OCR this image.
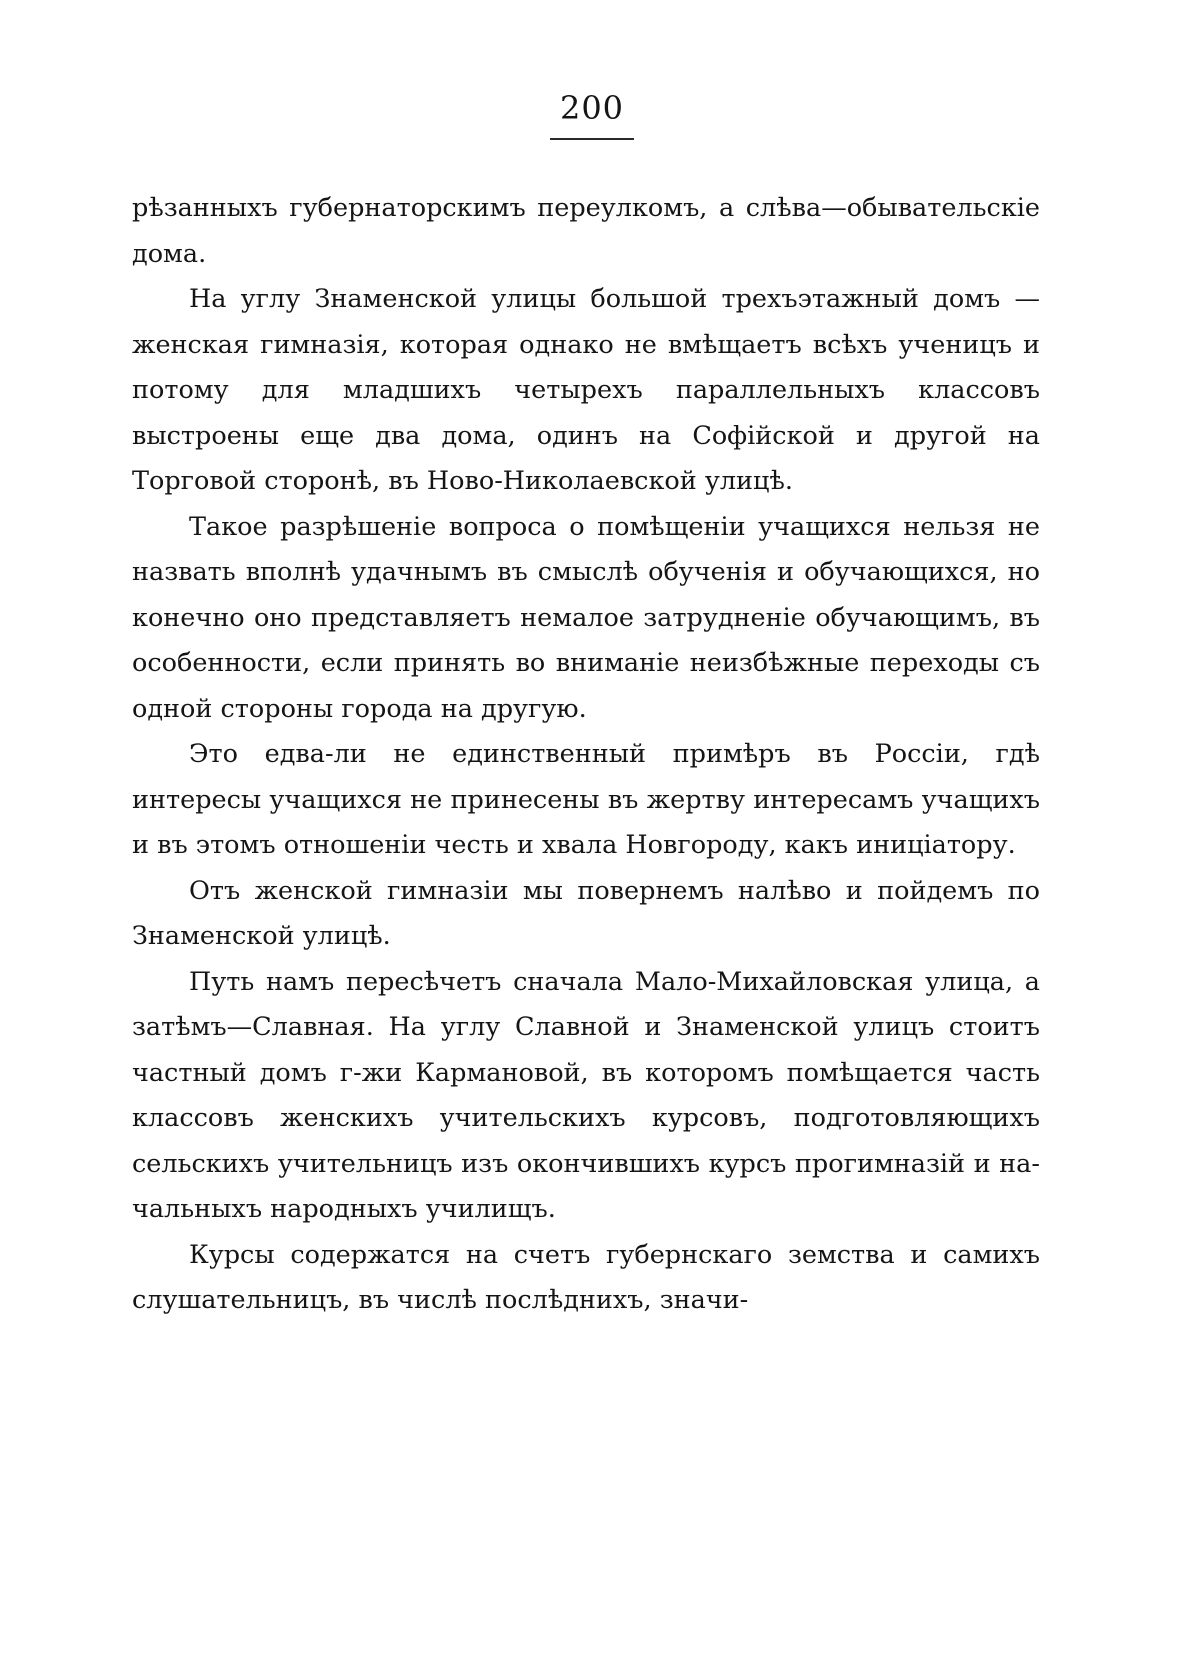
200

рѣзанныхъ губернаторскимъ переулкомъ, а слѣва—обывательскіе дома.

На углу Знаменской улицы большой трехъэтажный домъ —женская гимназія, которая однако не вмѣщаетъ всѣхъ ученицъ и потому для младшихъ четырехъ параллельныхъ классовъ выстроены еще два дома, одинъ на Софійской и другой на Торговой сторонѣ, въ Ново-Николаевской улицѣ.

Такое разрѣшеніе вопроса о помѣщеніи учащихся нельзя не назвать вполнѣ удачнымъ въ смыслѣ обученія и обучающихся, но конечно оно представляетъ немалое затрудненіе обучающимъ, въ особенности, если принять во вниманіе неизбѣжные переходы съ одной стороны города на другую.

Это едва-ли не единственный примѣръ въ Россіи, гдѣ интересы учащихся не принесены въ жертву интересамъ учащихъ и въ этомъ отношеніи честь и хвала Новгороду, какъ иниціатору.

Отъ женской гимназіи мы повернемъ налѣво и пойдемъ по Знаменской улицѣ.

Путь намъ пересѣчетъ сначала Мало-Михайловская улица, а затѣмъ—Славная. На углу Славной и Знаменской улицъ стоитъ частный домъ г-жи Кармановой, въ которомъ помѣщается часть классовъ женскихъ учительскихъ курсовъ, подготовляющихъ сельскихъ учительницъ изъ окончившихъ курсъ прогимназій и начальныхъ народныхъ училищъ.

Курсы содержатся на счетъ губернскаго земства и самихъ слушательницъ, въ числѣ послѣднихъ, значи-
